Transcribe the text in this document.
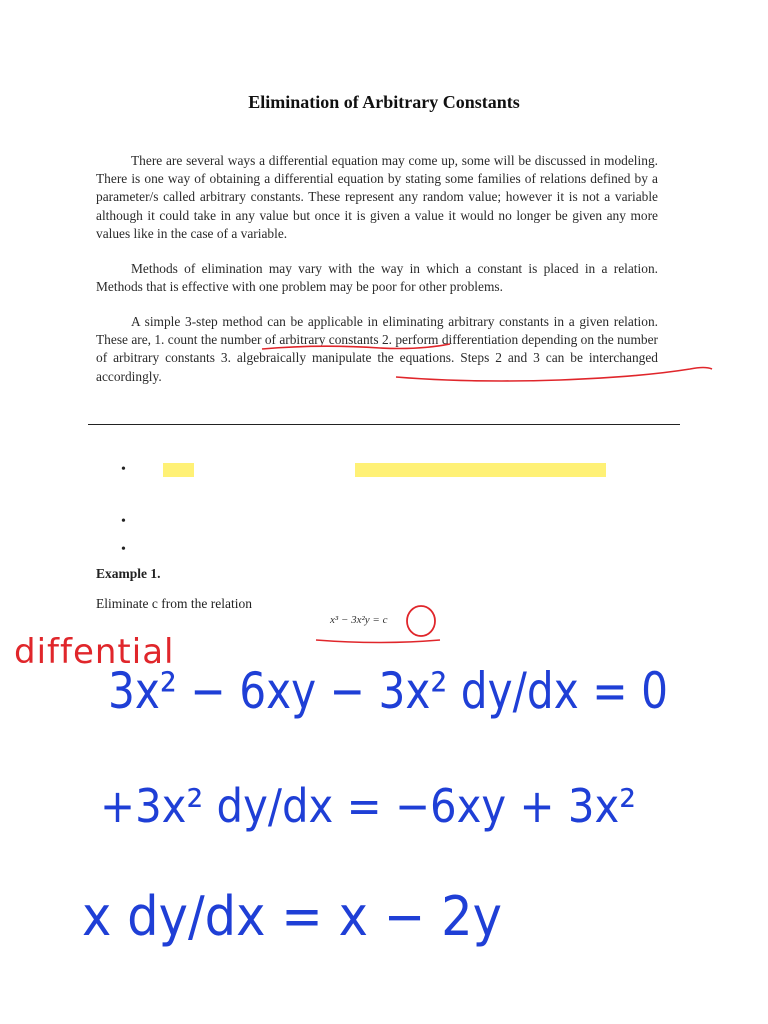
Elimination of Arbitrary Constants

There are several ways a differential equation may come up, some will be discussed in modeling. There is one way of obtaining a differential equation by stating some families of relations defined by a parameter/s called arbitrary constants. These represent any random value; however it is not a variable although it could take in any value but once it is given a value it would no longer be given any more values like in the case of a variable.

Methods of elimination may vary with the way in which a constant is placed in a relation. Methods that is effective with one problem may be poor for other problems.

A simple 3-step method can be applicable in eliminating arbitrary constants in a given relation. These are, 1. count the number of arbitrary constants 2. perform differentiation depending on the number of arbitrary constants 3. algebraically manipulate the equations. Steps 2 and 3 can be interchanged accordingly.

•
•
•
Example 1.
Eliminate c from the relation
x³ − 3x²y = c
diffential
3x² − 6xy − 3x² dy/dx = 0
+3x² dy/dx = −6xy + 3x²
x dy/dx = x − 2y
